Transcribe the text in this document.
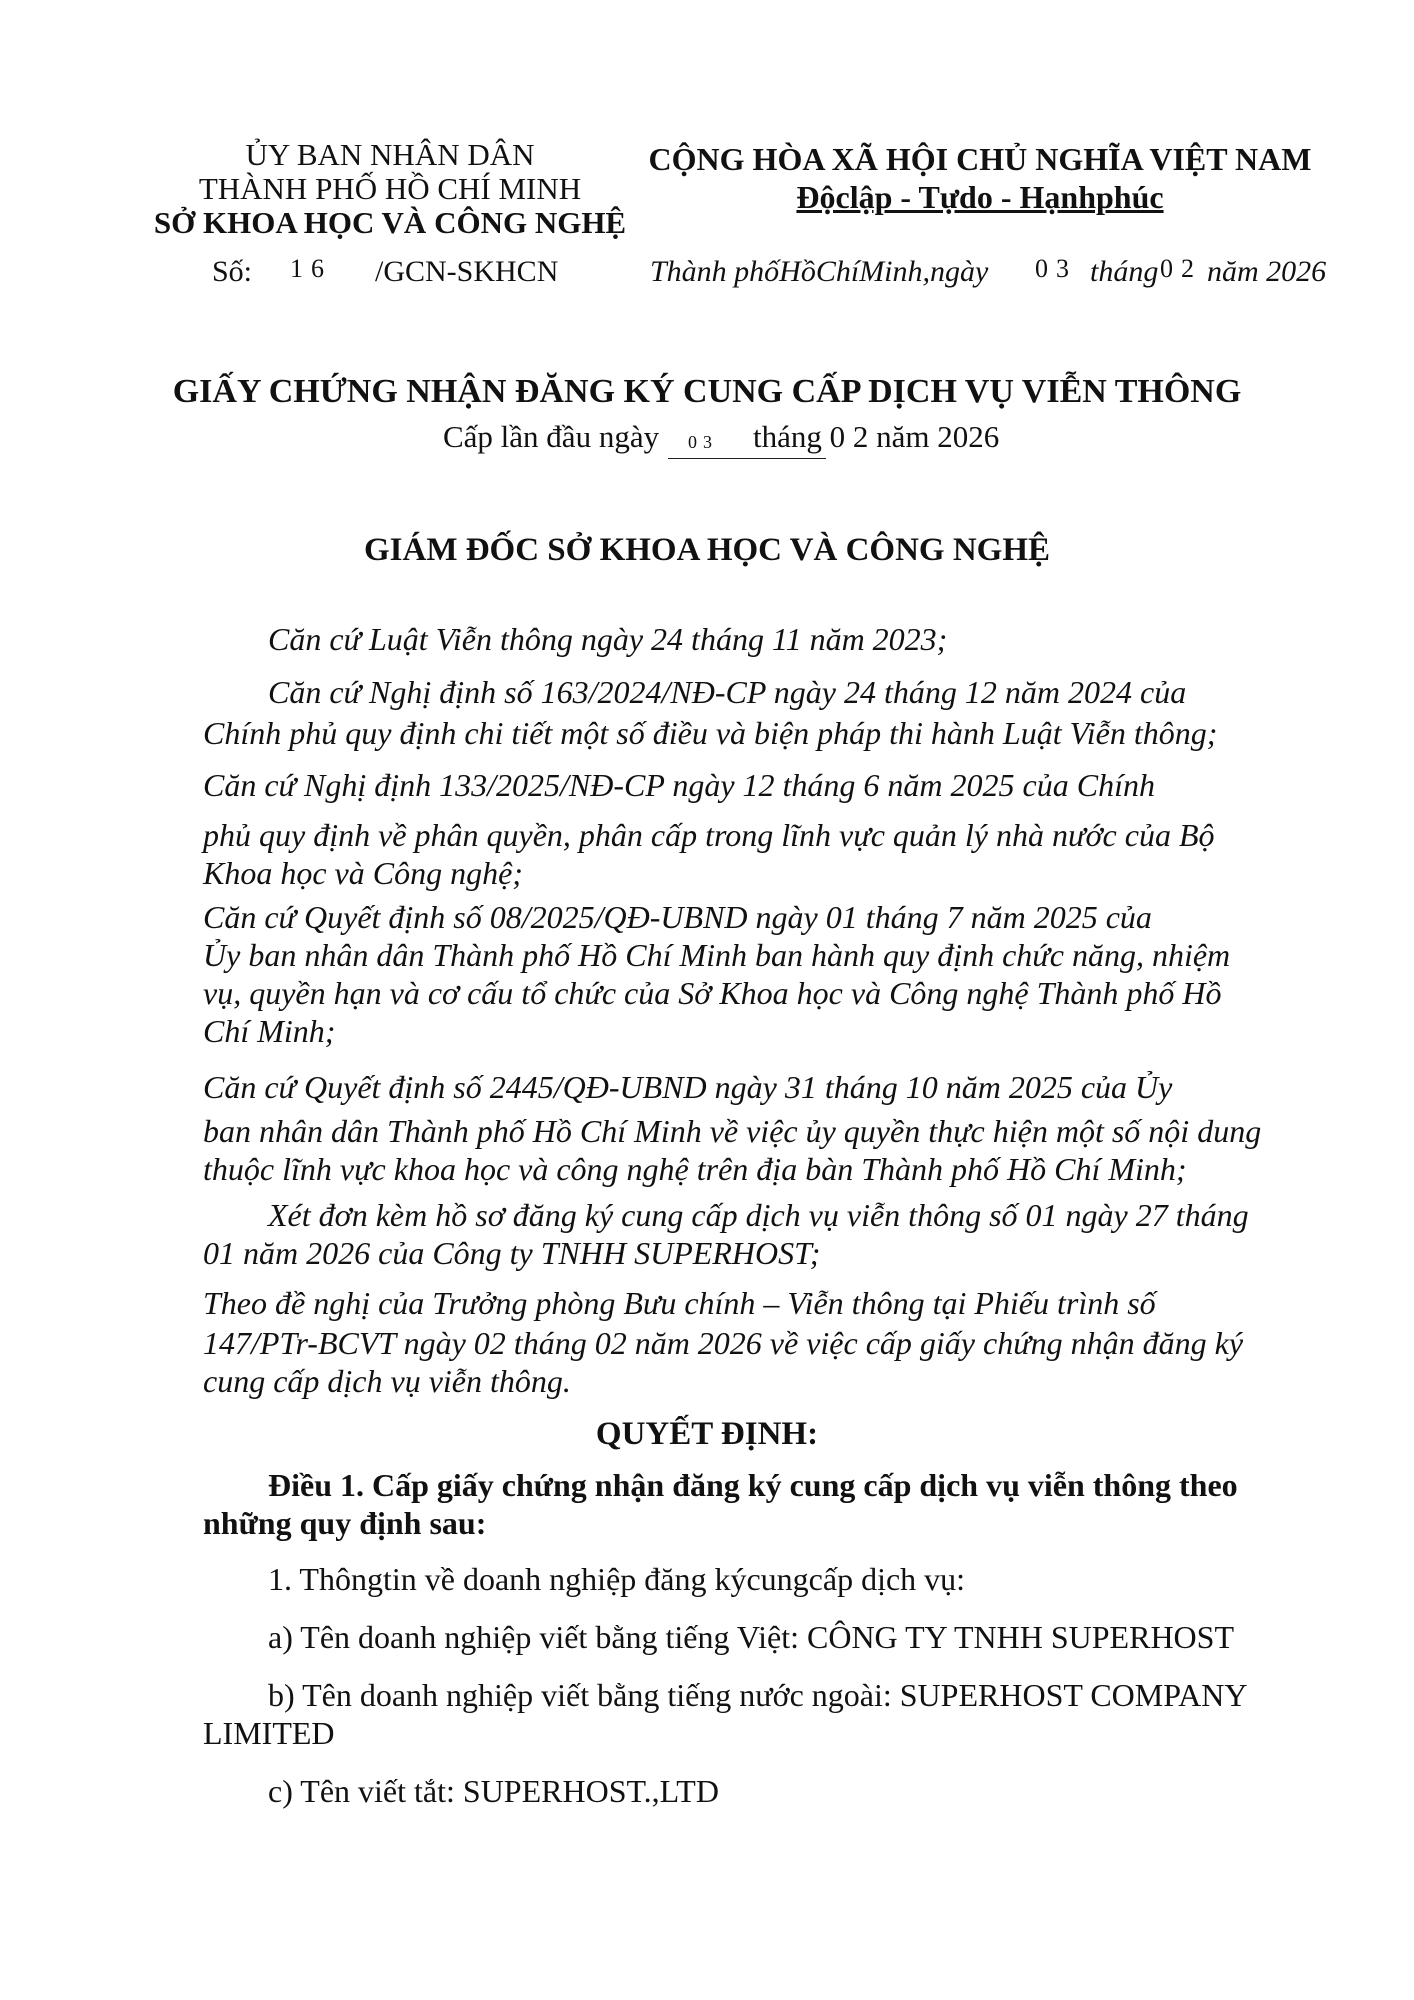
ỦY BAN NHÂN DÂN
THÀNH PHỐ HỒ CHÍ MINH
SỞ KHOA HỌC VÀ CÔNG NGHỆ
CỘNG HÒA XÃ HỘI CHỦ NGHĨA VIỆT NAM
Độclập - Tựdo - Hạnhphúc
Số: 16 /GCN-SKHCN	Thành phốHồChíMinh,ngày 03 tháng 02 năm 2026
GIẤY CHỨNG NHẬN ĐĂNG KÝ CUNG CẤP DỊCH VỤ VIỄN THÔNG
Cấp lần đầu ngày 03 tháng 0 2 năm 2026
GIÁM ĐỐC SỞ KHOA HỌC VÀ CÔNG NGHỆ
Căn cứ Luật Viễn thông ngày 24 tháng 11 năm 2023;
Căn cứ Nghị định số 163/2024/NĐ-CP ngày 24 tháng 12 năm 2024 của
Chính phủ quy định chi tiết một số điều và biện pháp thi hành Luật Viễn thông;
Căn cứ Nghị định 133/2025/NĐ-CP ngày 12 tháng 6 năm 2025 của Chính
phủ quy định về phân quyền, phân cấp trong lĩnh vực quản lý nhà nước của Bộ
Khoa học và Công nghệ;
Căn cứ Quyết định số 08/2025/QĐ-UBND ngày 01 tháng 7 năm 2025 của
Ủy ban nhân dân Thành phố Hồ Chí Minh ban hành quy định chức năng, nhiệm
vụ, quyền hạn và cơ cấu tổ chức của Sở Khoa học và Công nghệ Thành phố Hồ
Chí Minh;
Căn cứ Quyết định số 2445/QĐ-UBND ngày 31 tháng 10 năm 2025 của Ủy
ban nhân dân Thành phố Hồ Chí Minh về việc ủy quyền thực hiện một số nội dung
thuộc lĩnh vực khoa học và công nghệ trên địa bàn Thành phố Hồ Chí Minh;
Xét đơn kèm hồ sơ đăng ký cung cấp dịch vụ viễn thông số 01 ngày 27 tháng
01 năm 2026 của Công ty TNHH SUPERHOST;
Theo đề nghị của Trưởng phòng Bưu chính – Viễn thông tại Phiếu trình số
147/PTr-BCVT ngày 02 tháng 02 năm 2026 về việc cấp giấy chứng nhận đăng ký
cung cấp dịch vụ viễn thông.
QUYẾT ĐỊNH:
Điều 1. Cấp giấy chứng nhận đăng ký cung cấp dịch vụ viễn thông theo
những quy định sau:
1. Thôngtin về doanh nghiệp đăng kýcungcấp dịch vụ:
a) Tên doanh nghiệp viết bằng tiếng Việt: CÔNG TY TNHH SUPERHOST
b) Tên doanh nghiệp viết bằng tiếng nước ngoài: SUPERHOST COMPANY
LIMITED
c) Tên viết tắt: SUPERHOST.,LTD
